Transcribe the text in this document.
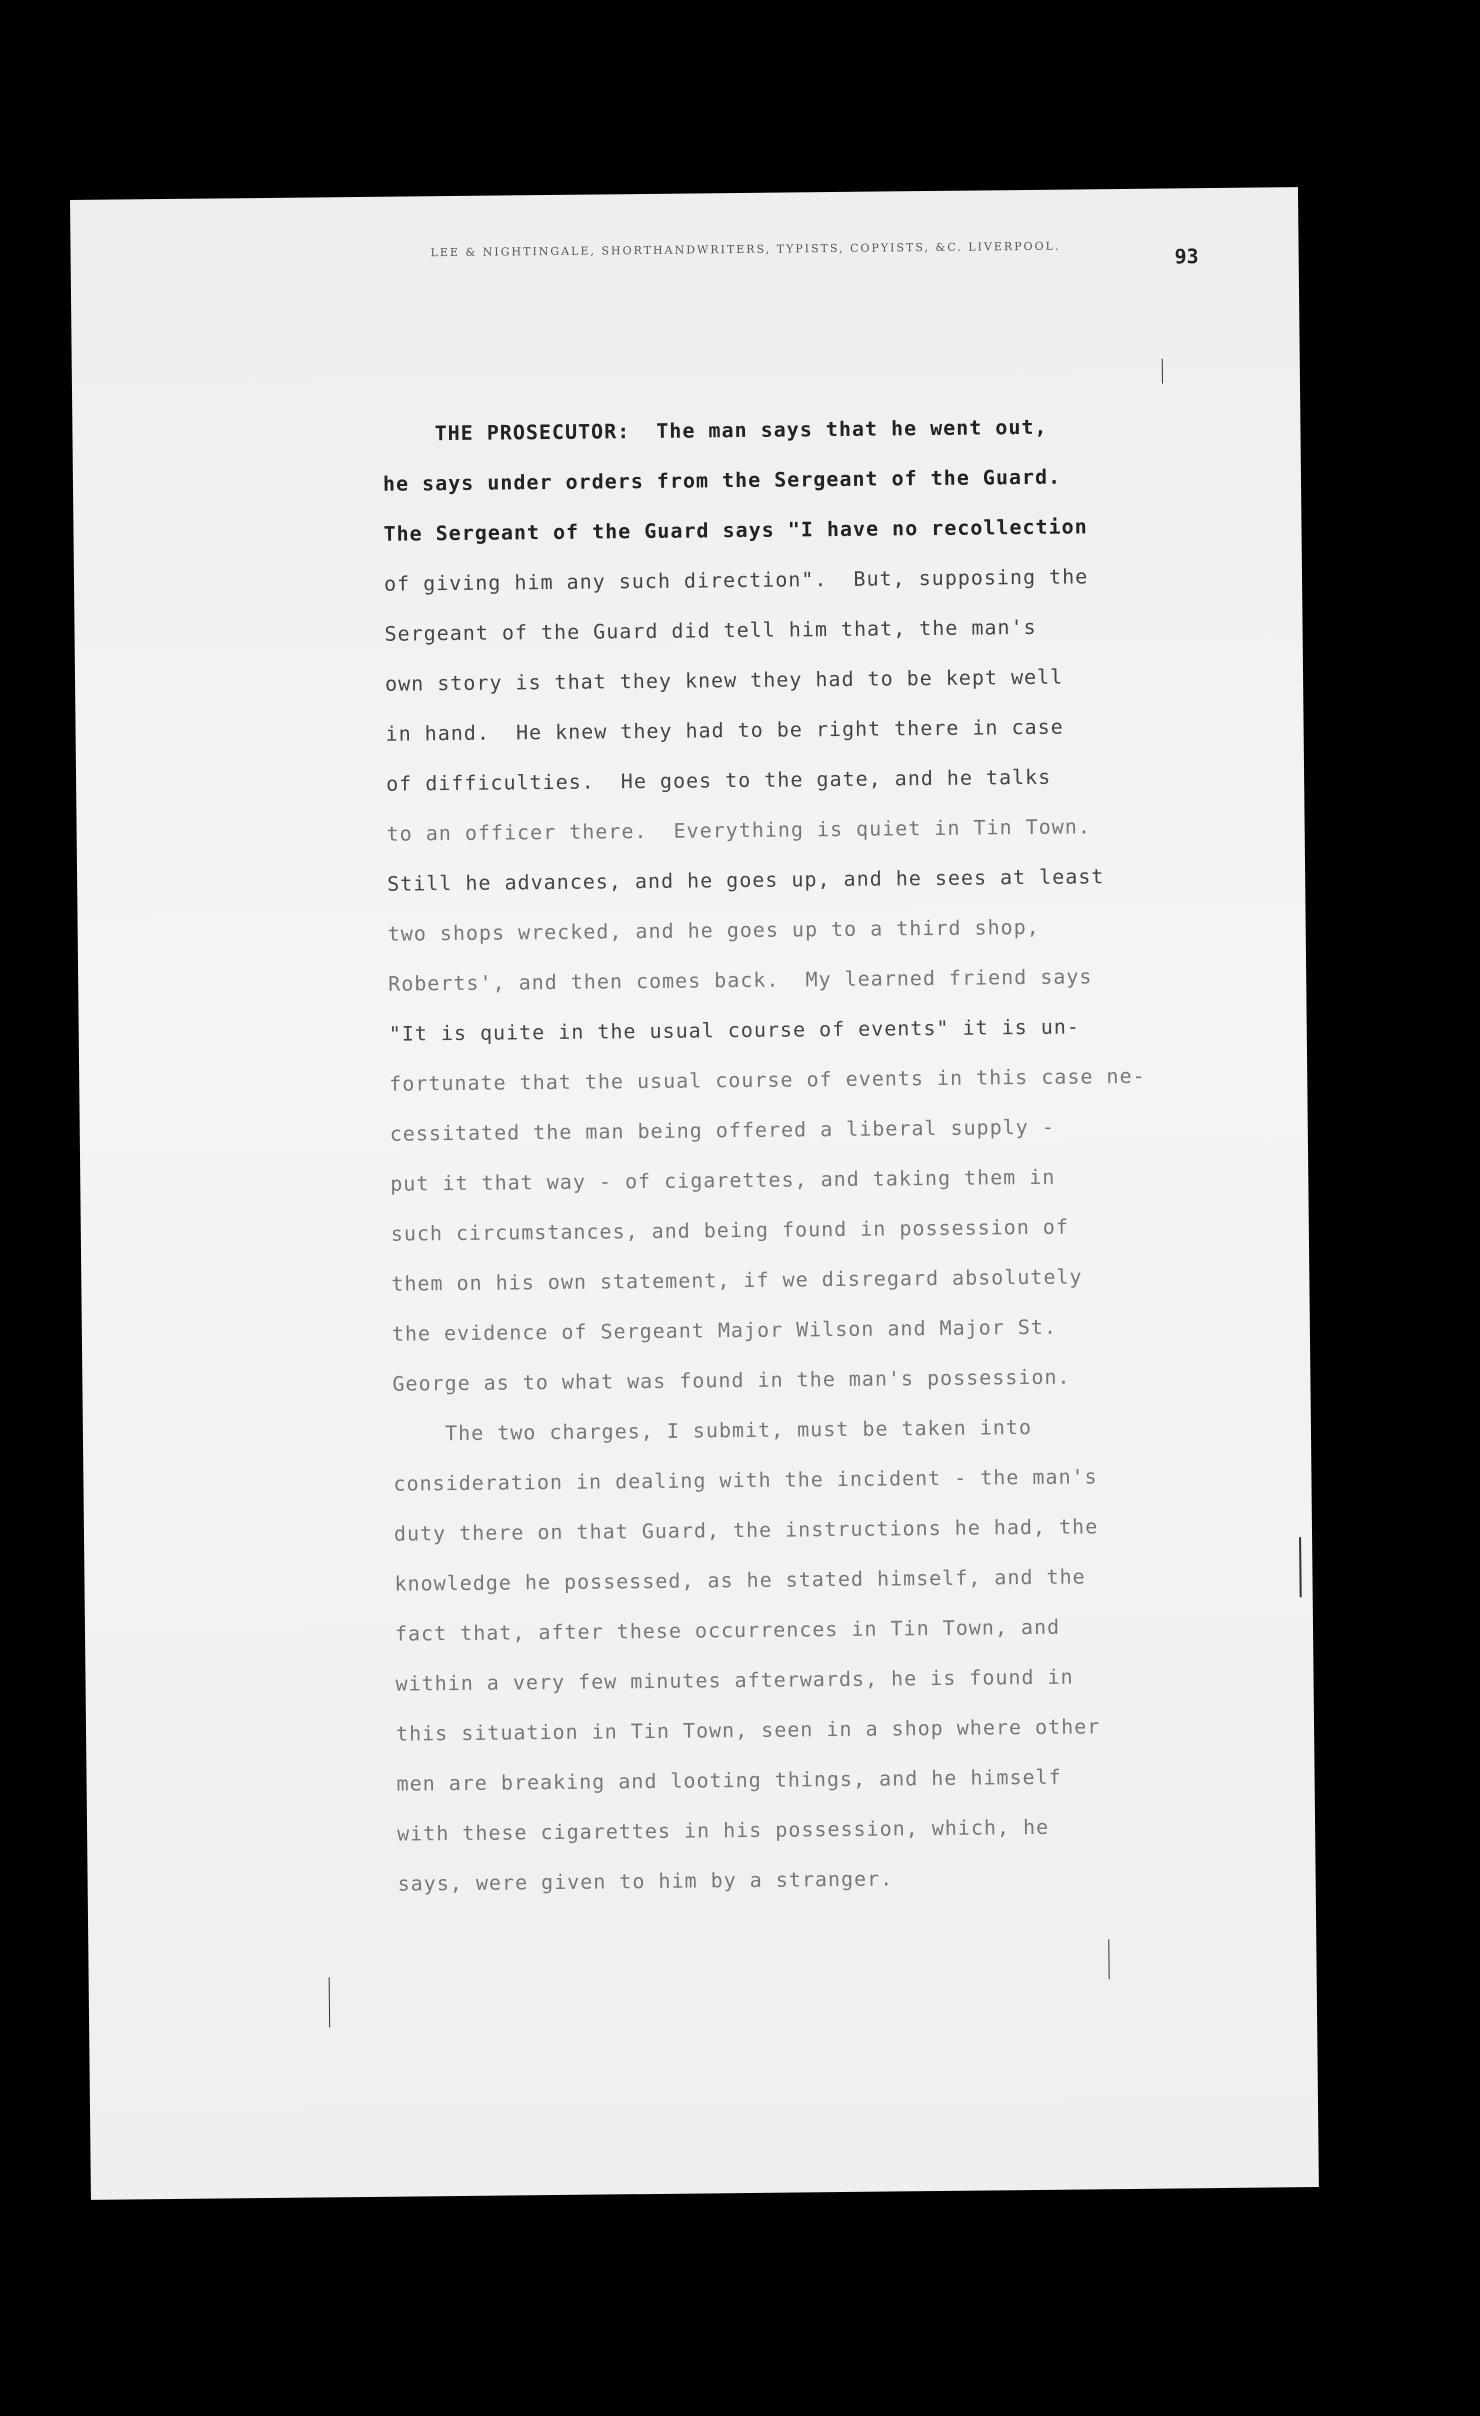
LEE & NIGHTINGALE, SHORTHANDWRITERS, TYPISTS, COPYISTS, &C. LIVERPOOL.	93
THE PROSECUTOR:  The man says that he went out,
he says under orders from the Sergeant of the Guard.
The Sergeant of the Guard says "I have no recollection
of giving him any such direction".  But, supposing the
Sergeant of the Guard did tell him that, the man's
own story is that they knew they had to be kept well
in hand.  He knew they had to be right there in case
of difficulties.  He goes to the gate, and he talks
to an officer there.  Everything is quiet in Tin Town.
Still he advances, and he goes up, and he sees at least
two shops wrecked, and he goes up to a third shop,
Roberts', and then comes back.  My learned friend says
"It is quite in the usual course of events" it is un-
fortunate that the usual course of events in this case ne-
cessitated the man being offered a liberal supply -
put it that way - of cigarettes, and taking them in
such circumstances, and being found in possession of
them on his own statement, if we disregard absolutely
the evidence of Sergeant Major Wilson and Major St.
George as to what was found in the man's possession.
The two charges, I submit, must be taken into
consideration in dealing with the incident - the man's
duty there on that Guard, the instructions he had, the
knowledge he possessed, as he stated himself, and the
fact that, after these occurrences in Tin Town, and
within a very few minutes afterwards, he is found in
this situation in Tin Town, seen in a shop where other
men are breaking and looting things, and he himself
with these cigarettes in his possession, which, he
says, were given to him by a stranger.
